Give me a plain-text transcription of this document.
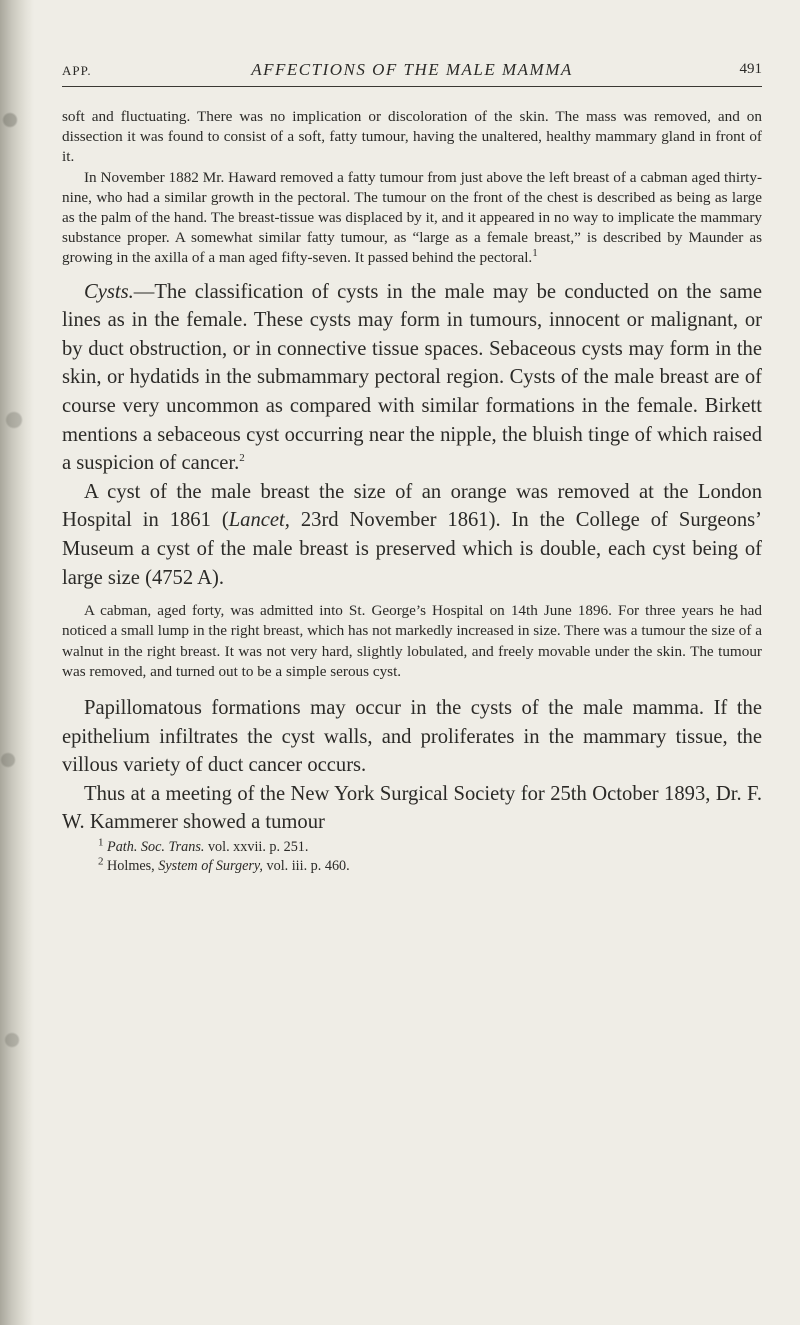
APP.	AFFECTIONS OF THE MALE MAMMA	491

soft and fluctuating. There was no implication or discoloration of the skin. The mass was removed, and on dissection it was found to consist of a soft, fatty tumour, having the unaltered, healthy mammary gland in front of it.

In November 1882 Mr. Haward removed a fatty tumour from just above the left breast of a cabman aged thirty-nine, who had a similar growth in the pectoral. The tumour on the front of the chest is described as being as large as the palm of the hand. The breast-tissue was displaced by it, and it appeared in no way to implicate the mammary substance proper. A somewhat similar fatty tumour, as “large as a female breast,” is described by Maunder as growing in the axilla of a man aged fifty-seven. It passed behind the pectoral.$^1$

Cysts.—The classification of cysts in the male may be conducted on the same lines as in the female. These cysts may form in tumours, innocent or malignant, or by duct obstruction, or in connective tissue spaces. Sebaceous cysts may form in the skin, or hydatids in the submammary pectoral region. Cysts of the male breast are of course very uncommon as compared with similar formations in the female. Birkett mentions a sebaceous cyst occurring near the nipple, the bluish tinge of which raised a suspicion of cancer.$^2$

A cyst of the male breast the size of an orange was removed at the London Hospital in 1861 (Lancet, 23rd November 1861). In the College of Surgeons’ Museum a cyst of the male breast is preserved which is double, each cyst being of large size (4752 A).

A cabman, aged forty, was admitted into St. George’s Hospital on 14th June 1896. For three years he had noticed a small lump in the right breast, which has not markedly increased in size. There was a tumour the size of a walnut in the right breast. It was not very hard, slightly lobulated, and freely movable under the skin. The tumour was removed, and turned out to be a simple serous cyst.

Papillomatous formations may occur in the cysts of the male mamma. If the epithelium infiltrates the cyst walls, and proliferates in the mammary tissue, the villous variety of duct cancer occurs.

Thus at a meeting of the New York Surgical Society for 25th October 1893, Dr. F. W. Kammerer showed a tumour

$^1$ Path. Soc. Trans. vol. xxvii. p. 251.
$^2$ Holmes, System of Surgery, vol. iii. p. 460.
